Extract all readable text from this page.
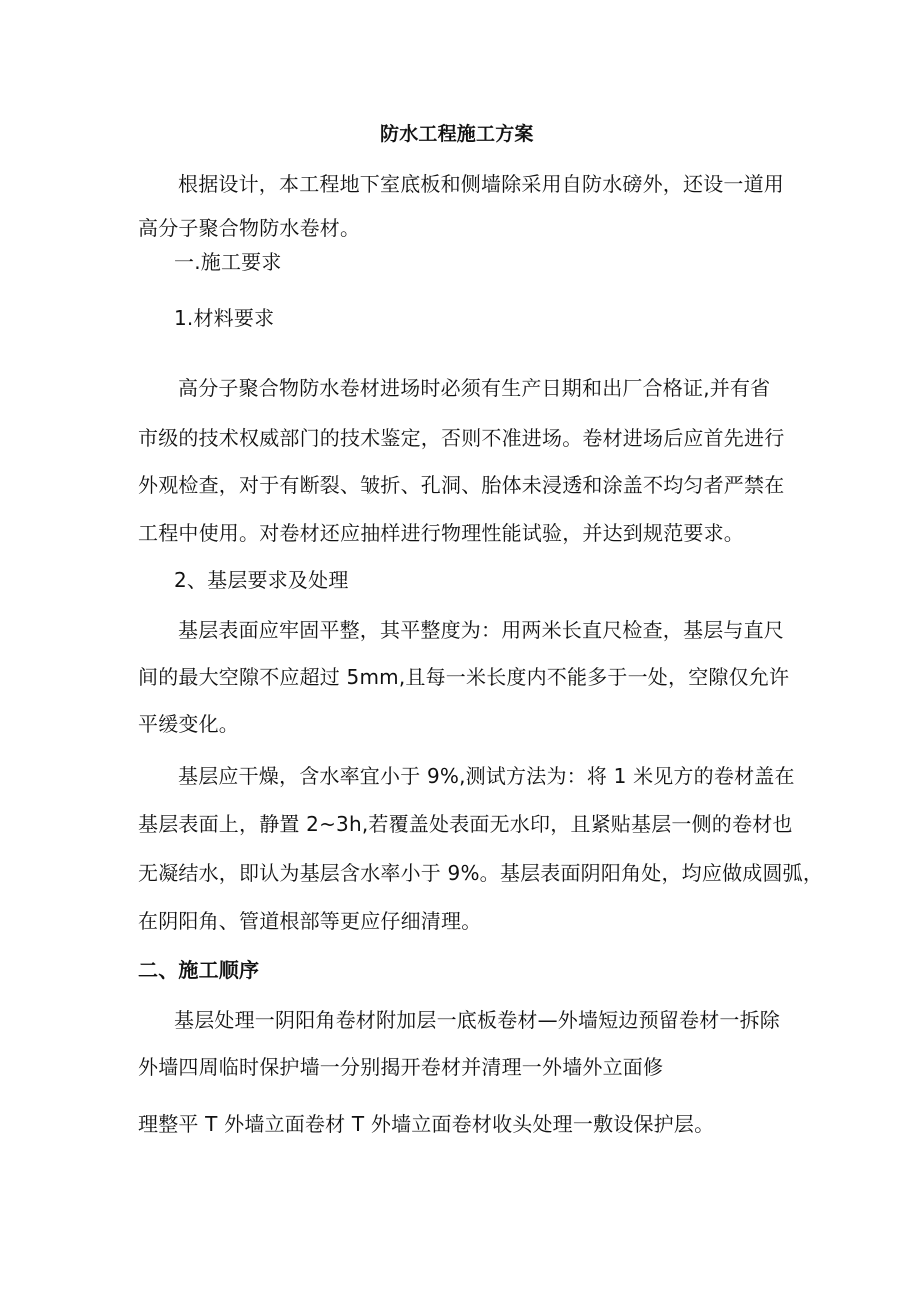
防水工程施工方案
根据设计，本工程地下室底板和侧墙除采用自防水磅外，还设一道用
高分子聚合物防水卷材。
一.施工要求
1.材料要求
高分子聚合物防水卷材进场时必须有生产日期和出厂合格证,并有省
市级的技术权威部门的技术鉴定，否则不准进场。卷材进场后应首先进行
外观检查，对于有断裂、皱折、孔洞、胎体未浸透和涂盖不均匀者严禁在
工程中使用。对卷材还应抽样进行物理性能试验，并达到规范要求。
2、基层要求及处理
基层表面应牢固平整，其平整度为：用两米长直尺检查，基层与直尺
间的最大空隙不应超过 5mm,且每一米长度内不能多于一处，空隙仅允许
平缓变化。
基层应干燥，含水率宜小于 9%,测试方法为：将 1 米见方的卷材盖在
基层表面上，静置 2~3h,若覆盖处表面无水印，且紧贴基层一侧的卷材也
无凝结水，即认为基层含水率小于 9%。基层表面阴阳角处，均应做成圆弧，
在阴阳角、管道根部等更应仔细清理。
二、施工顺序
基层处理一阴阳角卷材附加层一底板卷材—外墙短边预留卷材一拆除
外墙四周临时保护墙一分别揭开卷材并清理一外墙外立面修
理整平 T 外墙立面卷材 T 外墙立面卷材收头处理一敷设保护层。
